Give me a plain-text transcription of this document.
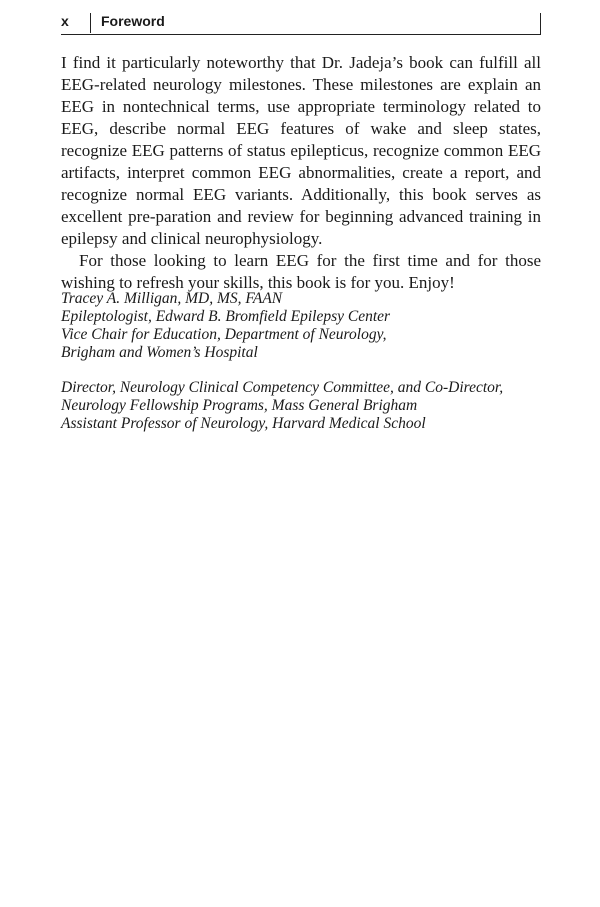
x Foreword

I find it particularly noteworthy that Dr. Jadeja’s book can fulfill all EEG-related neurology milestones. These milestones are explain an EEG in nontechnical terms, use appropriate terminology related to EEG, describe normal EEG features of wake and sleep states, recognize EEG patterns of status epilepticus, recognize common EEG artifacts, interpret common EEG abnormalities, create a report, and recognize normal EEG variants. Additionally, this book serves as excellent pre-paration and review for beginning advanced training in epilepsy and clinical neurophysiology.

For those looking to learn EEG for the first time and for those wishing to refresh your skills, this book is for you. Enjoy!

Tracey A. Milligan, MD, MS, FAAN
Epileptologist, Edward B. Bromfield Epilepsy Center
Vice Chair for Education, Department of Neurology,
Brigham and Women’s Hospital
Director, Neurology Clinical Competency Committee, and Co-Director,
Neurology Fellowship Programs, Mass General Brigham
Assistant Professor of Neurology, Harvard Medical School
